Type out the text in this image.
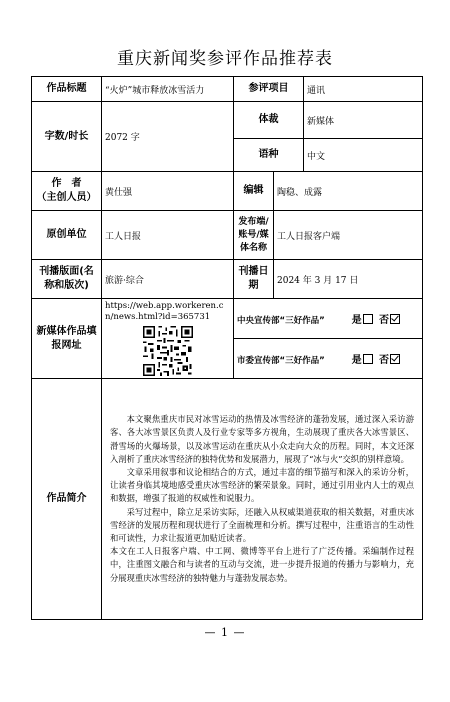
重庆新闻奖参评作品推荐表
作品标题	“火炉”城市释放冰雪活力	参评项目		通讯
字数/时长	2072 字	体裁		新媒体
		语种		中文

作　者
（主创人员）	黄仕强	编辑	陶稳、成露	
原创单位	工人日报	发布端/账号/媒体名称	工人日报客户端	
刊播版面(名称和版次)	旅游·综合	刊播日期	2024 年 3 月 17 日	
新媒体作品填报网址	https://web.app.workeren.cn/news.html?id=365731	中央宣传部“三好作品” 是 否		
		市委宣传部“三好作品” 是 否		
作品简介	本文聚焦重庆市民对冰雪运动的热情及冰雪经济的蓬勃发展，通过深入采访游客、各大冰雪景区负责人及行业专家等多方视角，生动展现了重庆各大冰雪景区、滑雪场的火爆场景，以及冰雪运动在重庆从小众走向大众的历程。同时，本文还深入剖析了重庆冰雪经济的独特优势和发展潜力，展现了“冰与火”交织的别样意境。

文章采用叙事和议论相结合的方式，通过丰富的细节描写和深入的采访分析，让读者身临其境地感受重庆冰雪经济的繁荣景象。同时，通过引用业内人士的观点和数据，增强了报道的权威性和说服力。

采写过程中，除立足采访实际，还融入从权威渠道获取的相关数据，对重庆冰雪经济的发展历程和现状进行了全面梳理和分析。撰写过程中，注重语言的生动性和可读性，力求让报道更加贴近读者。

本文在工人日报客户端、中工网、微博等平台上进行了广泛传播。采编制作过程中，注重图文融合和与读者的互动与交流，进一步提升报道的传播力与影响力，充分展现重庆冰雪经济的独特魅力与蓬勃发展态势。			

— 1 —
